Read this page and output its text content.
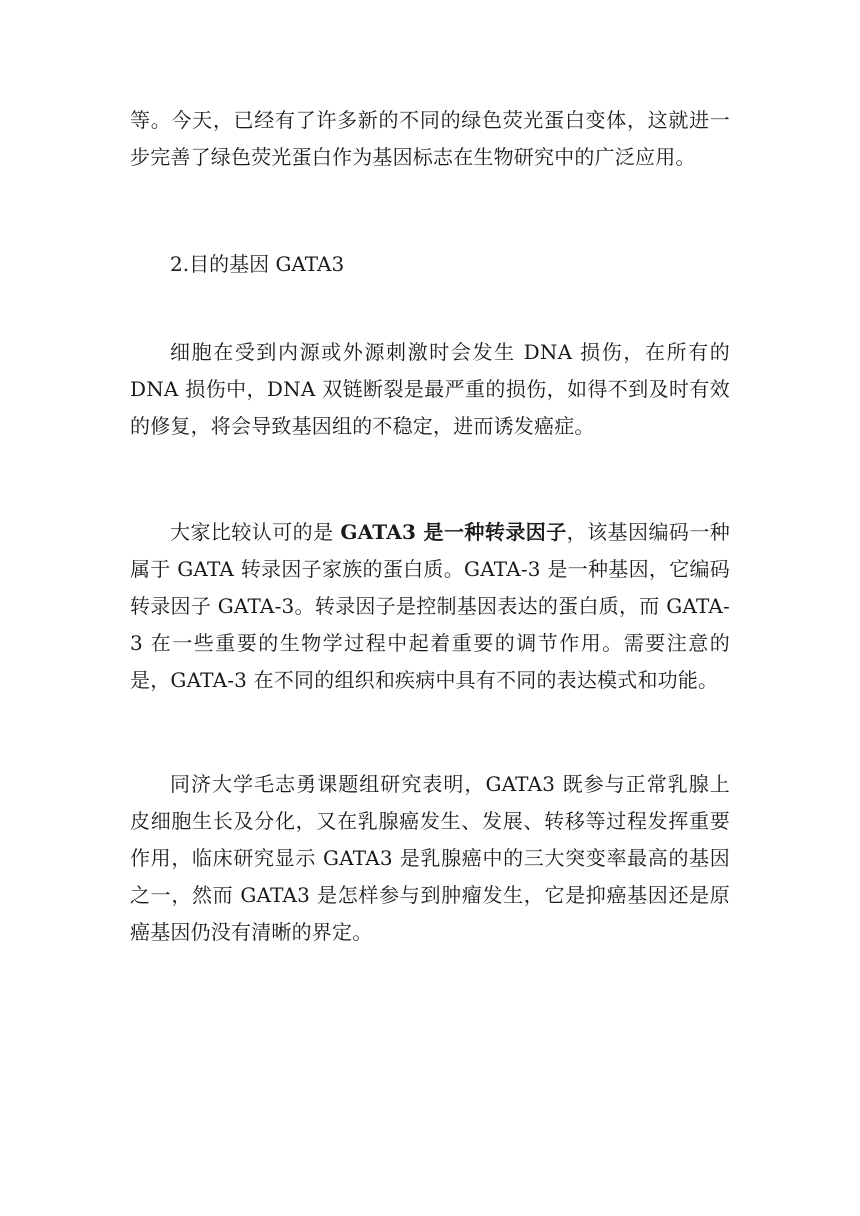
等。今天，已经有了许多新的不同的绿色荧光蛋白变体，这就进一步完善了绿色荧光蛋白作为基因标志在生物研究中的广泛应用。

2.目的基因 GATA3

细胞在受到内源或外源刺激时会发生 DNA 损伤，在所有的 DNA 损伤中，DNA 双链断裂是最严重的损伤，如得不到及时有效的修复，将会导致基因组的不稳定，进而诱发癌症。

大家比较认可的是 GATA3 是一种转录因子，该基因编码一种属于 GATA 转录因子家族的蛋白质。GATA-3 是一种基因，它编码转录因子 GATA-3。转录因子是控制基因表达的蛋白质，而 GATA-3 在一些重要的生物学过程中起着重要的调节作用。需要注意的是，GATA-3 在不同的组织和疾病中具有不同的表达模式和功能。

同济大学毛志勇课题组研究表明，GATA3 既参与正常乳腺上皮细胞生长及分化，又在乳腺癌发生、发展、转移等过程发挥重要作用，临床研究显示 GATA3 是乳腺癌中的三大突变率最高的基因之一，然而 GATA3 是怎样参与到肿瘤发生，它是抑癌基因还是原癌基因仍没有清晰的界定。
